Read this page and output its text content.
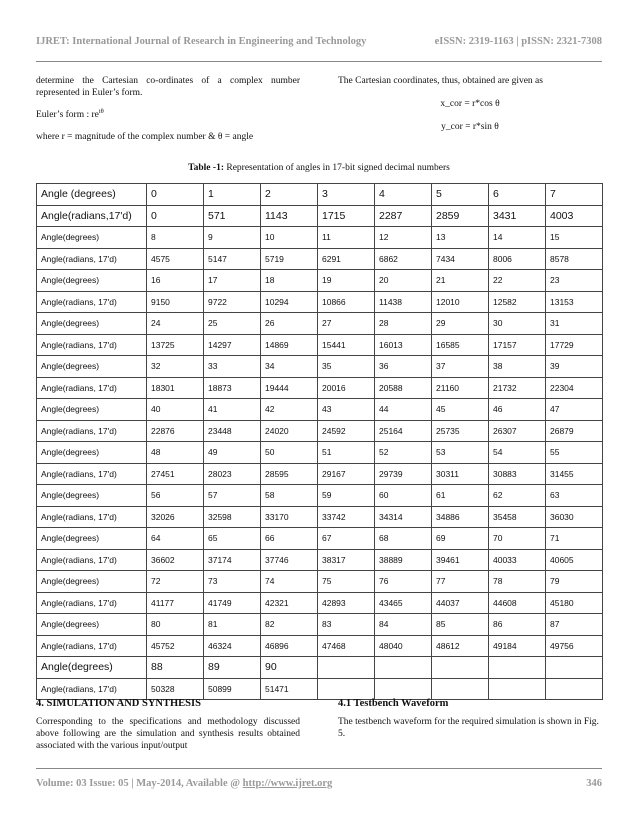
IJRET: International Journal of Research in Engineering and Technology	eISSN: 2319-1163 | pISSN: 2321-7308

determine the Cartesian co-ordinates of a complex number represented in Euler’s form.

Euler’s form : $re^{i\theta}$

where r = magnitude of the complex number & θ = angle

The Cartesian coordinates, thus, obtained are given as

x_cor = r*cos θ

y_cor = r*sin θ

Table -1: Representation of angles in 17-bit signed decimal numbers
Angle (degrees)	0	1	2	3	4	5	6	7
Angle(radians,17'd)	0	571	1143	1715	2287	2859	3431	4003
Angle(degrees)	8	9	10	11	12	13	14	15
Angle(radians, 17'd)	4575	5147	5719	6291	6862	7434	8006	8578
Angle(degrees)	16	17	18	19	20	21	22	23
Angle(radians, 17'd)	9150	9722	10294	10866	11438	12010	12582	13153
Angle(degrees)	24	25	26	27	28	29	30	31
Angle(radians, 17'd)	13725	14297	14869	15441	16013	16585	17157	17729
Angle(degrees)	32	33	34	35	36	37	38	39
Angle(radians, 17'd)	18301	18873	19444	20016	20588	21160	21732	22304
Angle(degrees)	40	41	42	43	44	45	46	47
Angle(radians, 17'd)	22876	23448	24020	24592	25164	25735	26307	26879
Angle(degrees)	48	49	50	51	52	53	54	55
Angle(radians, 17'd)	27451	28023	28595	29167	29739	30311	30883	31455
Angle(degrees)	56	57	58	59	60	61	62	63
Angle(radians, 17'd)	32026	32598	33170	33742	34314	34886	35458	36030
Angle(degrees)	64	65	66	67	68	69	70	71
Angle(radians, 17'd)	36602	37174	37746	38317	38889	39461	40033	40605
Angle(degrees)	72	73	74	75	76	77	78	79
Angle(radians, 17'd)	41177	41749	42321	42893	43465	44037	44608	45180
Angle(degrees)	80	81	82	83	84	85	86	87
Angle(radians, 17'd)	45752	46324	46896	47468	48040	48612	49184	49756
Angle(degrees)	88	89	90					
Angle(radians, 17'd)	50328	50899	51471					
4. SIMULATION AND SYNTHESIS
Corresponding to the specifications and methodology discussed above following are the simulation and synthesis results obtained associated with the various input/output
4.1 Testbench Waveform
The testbench waveform for the required simulation is shown in Fig. 5.
Volume: 03 Issue: 05 | May-2014, Available @ http://www.ijret.org	346
